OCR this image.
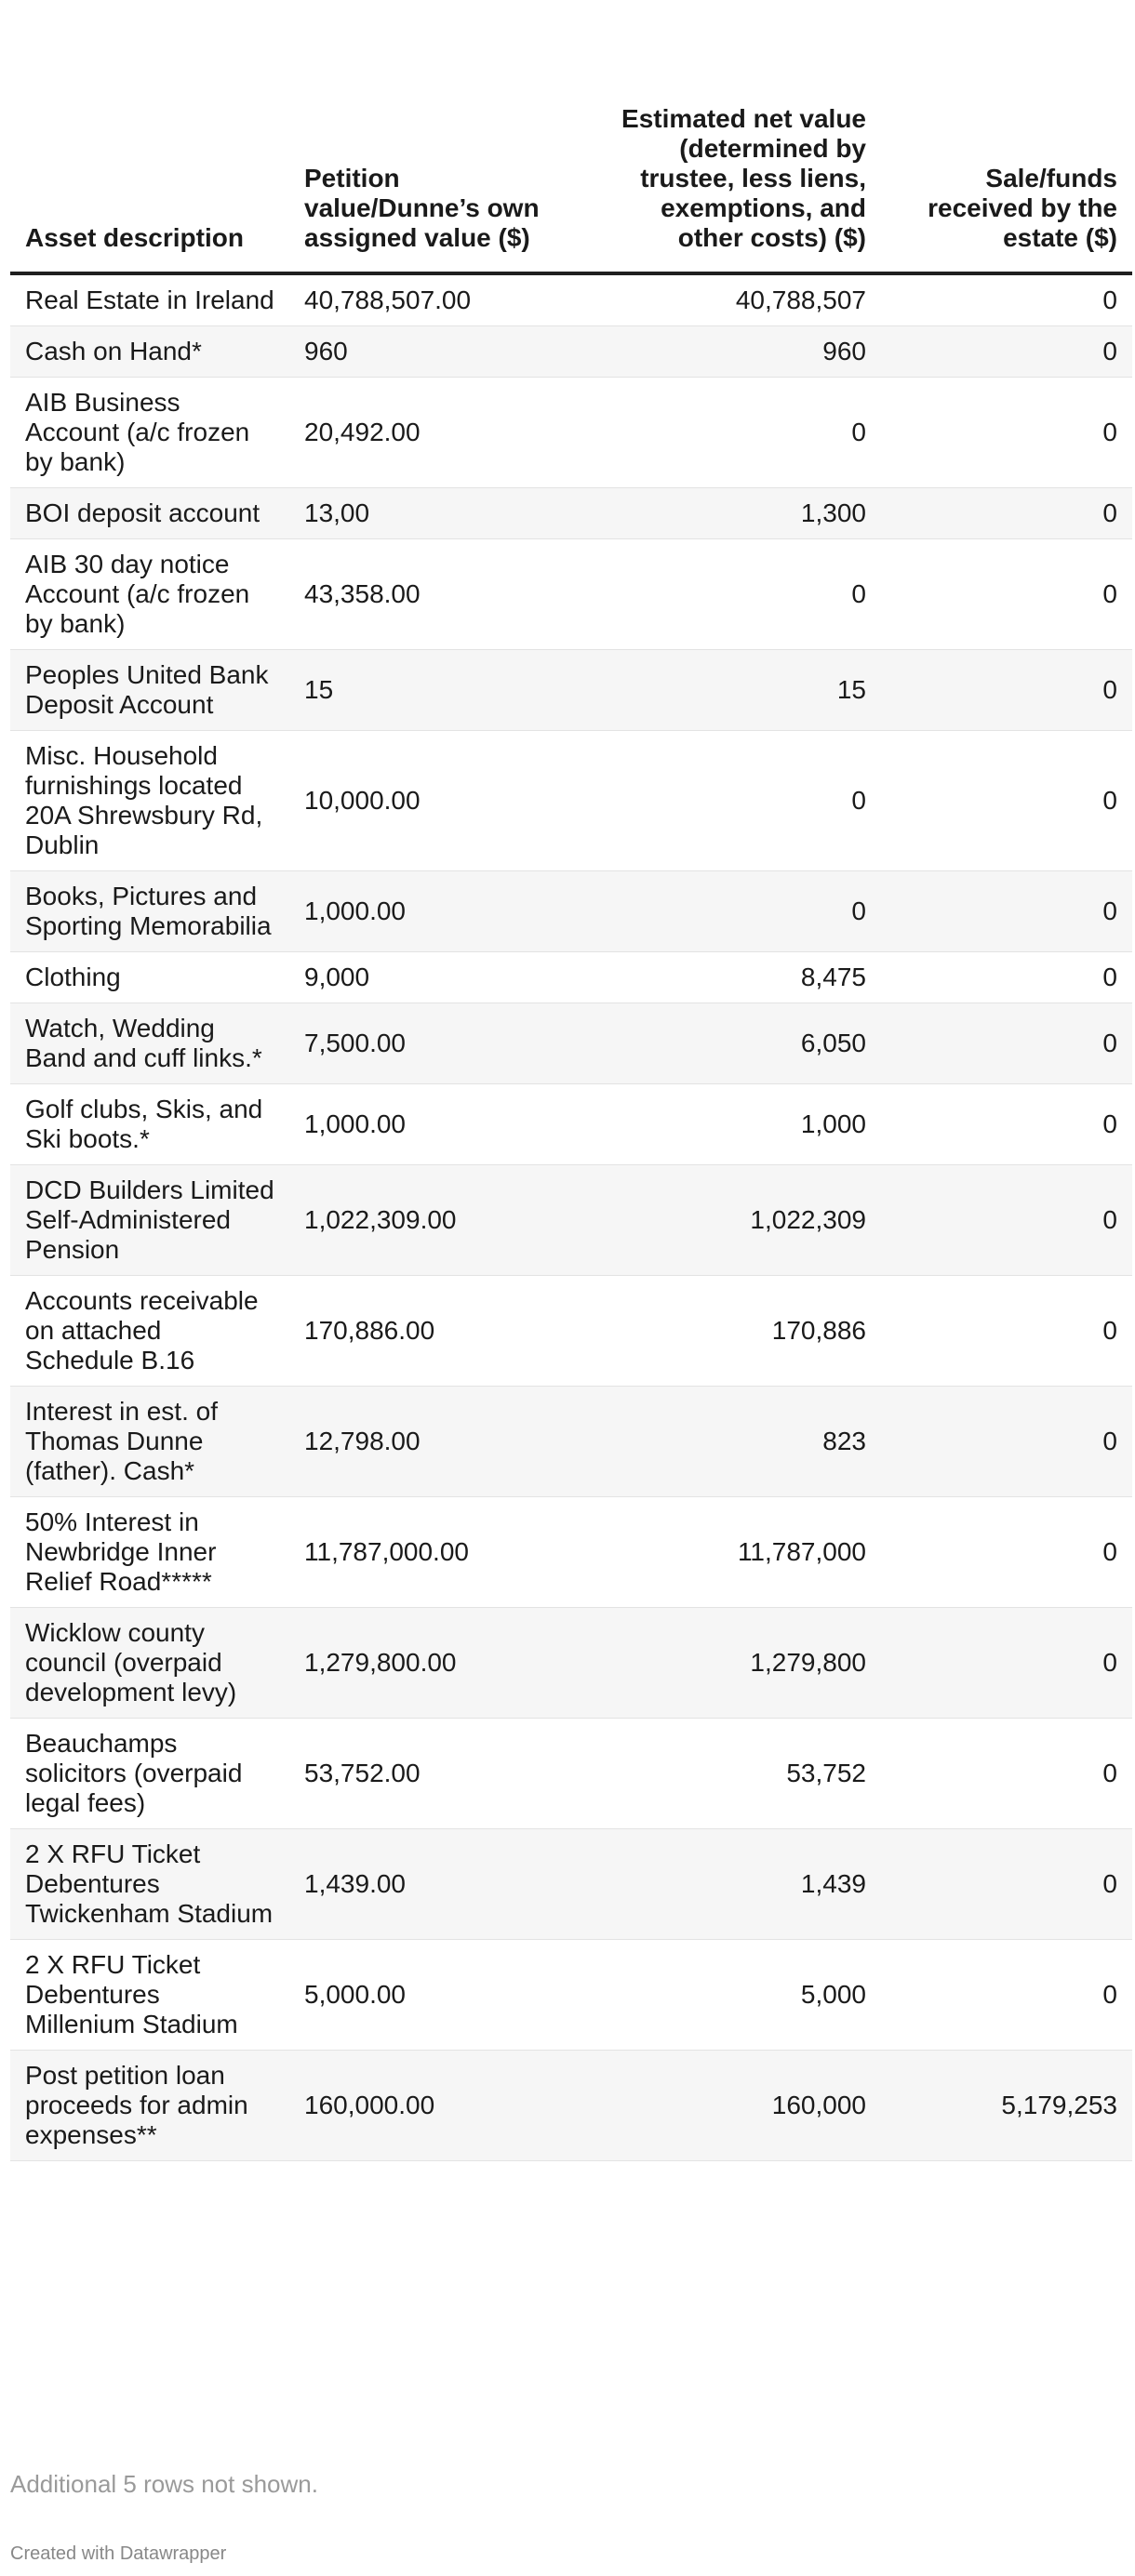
Asset description	Petition value/Dunne’s own assigned value ($)	Estimated net value (determined by trustee, less liens, exemptions, and other costs) ($)	Sale/funds received by the estate ($)
Real Estate in Ireland	40,788,507.00	40,788,507	0
Cash on Hand*	960	960	0
AIB Business Account (a/c frozen by bank)	20,492.00	0	0
BOI deposit account	13,00	1,300	0
AIB 30 day notice Account (a/c frozen by bank)	43,358.00	0	0
Peoples United Bank Deposit Account	15	15	0
Misc. Household furnishings located 20A Shrewsbury Rd, Dublin	10,000.00	0	0
Books, Pictures and Sporting Memorabilia	1,000.00	0	0
Clothing	9,000	8,475	0
Watch, Wedding Band and cuff links.*	7,500.00	6,050	0
Golf clubs, Skis, and Ski boots.*	1,000.00	1,000	0
DCD Builders Limited Self-Administered Pension	1,022,309.00	1,022,309	0
Accounts receivable on attached Schedule B.16	170,886.00	170,886	0
Interest in est. of Thomas Dunne (father). Cash*	12,798.00	823	0
50% Interest in Newbridge Inner Relief Road*****	11,787,000.00	11,787,000	0
Wicklow county council (overpaid development levy)	1,279,800.00	1,279,800	0
Beauchamps solicitors (overpaid legal fees)	53,752.00	53,752	0
2 X RFU Ticket Debentures Twickenham Stadium	1,439.00	1,439	0
2 X RFU Ticket Debentures Millenium Stadium	5,000.00	5,000	0
Post petition loan proceeds for admin expenses**	160,000.00	160,000	5,179,253
Additional 5 rows not shown.
Created with Datawrapper
